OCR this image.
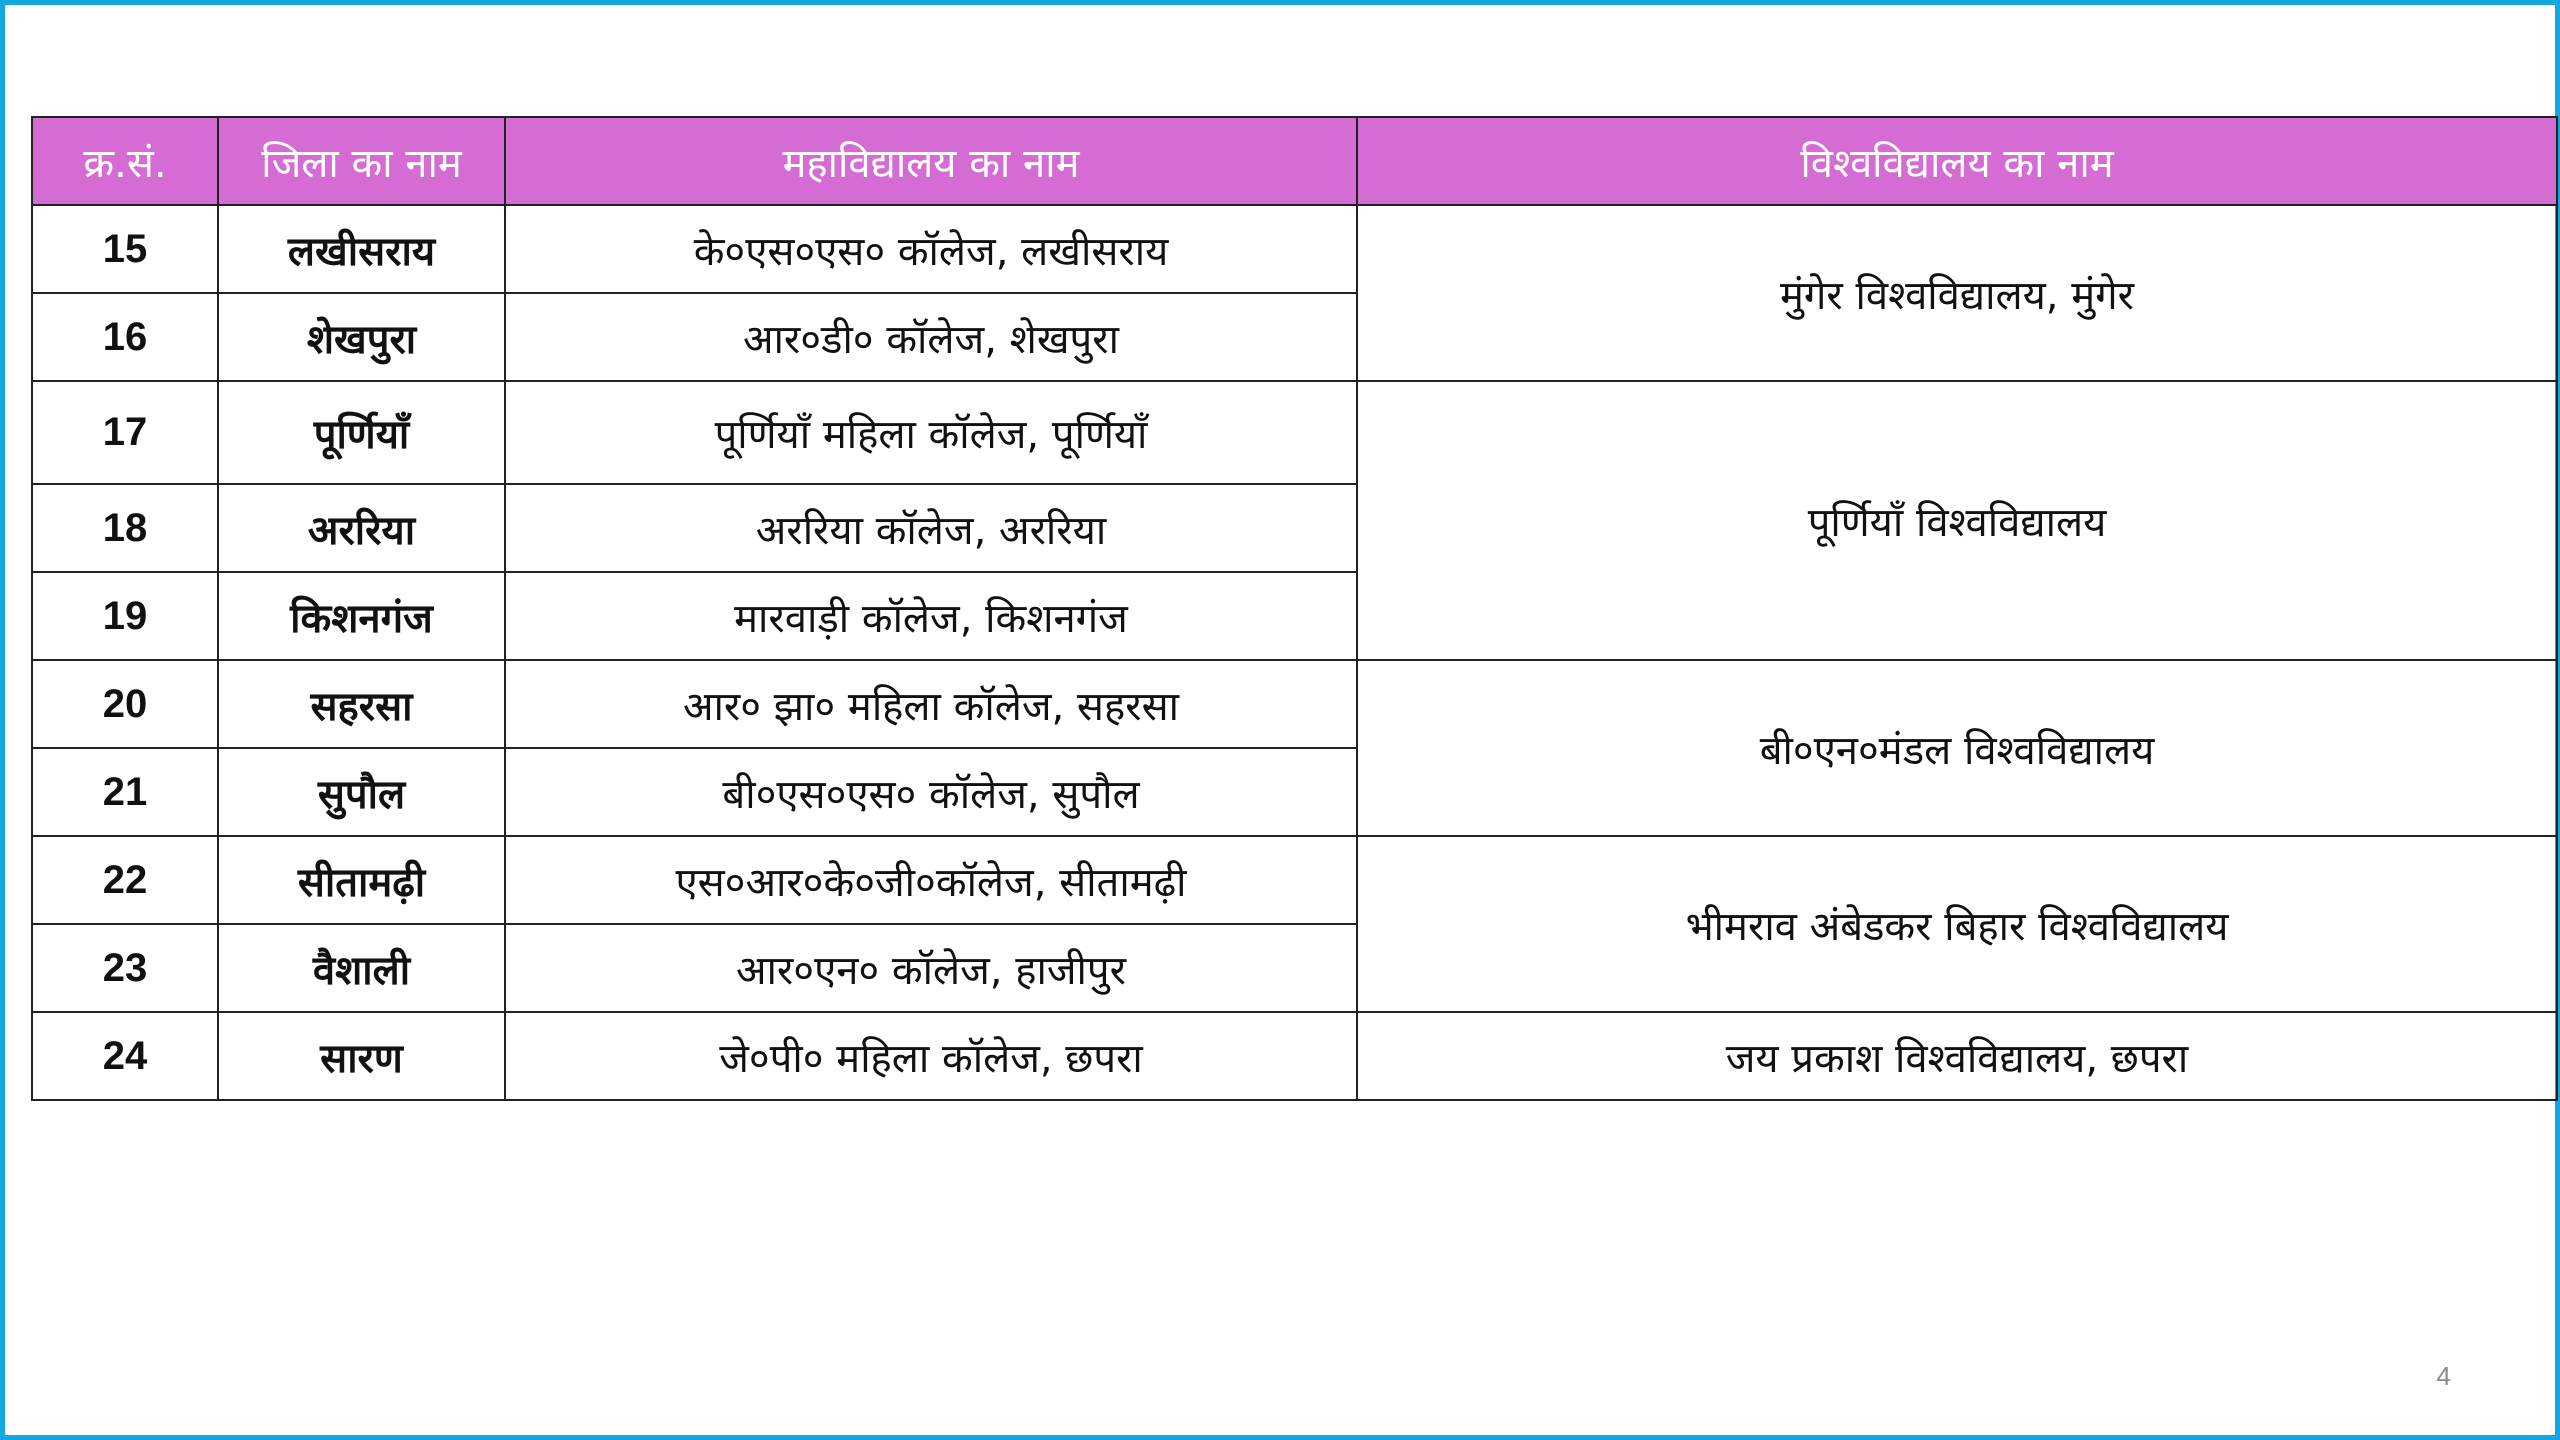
क्र.सं.	जिला का नाम	महाविद्यालय का नाम	विश्वविद्यालय का नाम
15	लखीसराय	के०एस०एस० कॉलेज, लखीसराय	मुंगेर विश्वविद्यालय, मुंगेर
16	शेखपुरा	आर०डी० कॉलेज, शेखपुरा	
17	पूर्णियाँ	पूर्णियाँ महिला कॉलेज, पूर्णियाँ	पूर्णियाँ विश्वविद्यालय
18	अररिया	अररिया कॉलेज, अररिया	
19	किशनगंज	मारवाड़ी कॉलेज, किशनगंज	
20	सहरसा	आर० झा० महिला कॉलेज, सहरसा	बी०एन०मंडल विश्वविद्यालय
21	सुपौल	बी०एस०एस० कॉलेज, सुपौल	
22	सीतामढ़ी	एस०आर०के०जी०कॉलेज, सीतामढ़ी	भीमराव अंबेडकर बिहार विश्वविद्यालय
23	वैशाली	आर०एन० कॉलेज, हाजीपुर	
24	सारण	जे०पी० महिला कॉलेज, छपरा	जय प्रकाश विश्वविद्यालय, छपरा
4
